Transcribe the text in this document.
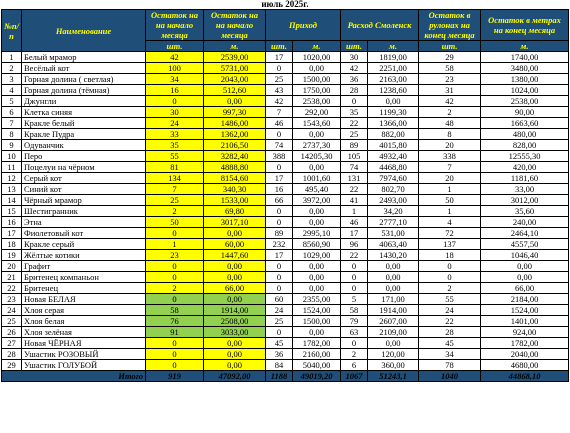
июль 2025г.
№п/п	Наименование	Остаток на на начало месяца	Остаток на на начало месяца	Приход		Расход Смоленск		Остаток в рулонах на конец месяца	Остаток в метрах на конец месяца
		шт.	м.	шт.	м.	шт.	м.	шт.	м.
1	Белый мрамор	42	2539,00	17	1020,00	30	1819,00	29	1740,00
2	Весёлый кот	100	5731,00	0	0,00	42	2251,00	58	3480,00
3	Горная долина ( светлая)	34	2043,00	25	1500,00	36	2163,00	23	1380,00
4	Горная долина (тёмная)	16	512,60	43	1750,00	28	1238,60	31	1024,00
5	Джунгли	0	0,00	42	2538,00	0	0,00	42	2538,00
6	Клетка синяя	30	997,30	7	292,00	35	1199,30	2	90,00
7	Кракле белый	24	1486,00	46	1543,60	22	1366,00	48	1663,60
8	Кракле Пудра	33	1362,00	0	0,00	25	882,00	8	480,00
9	Одуванчик	35	2106,50	74	2737,30	89	4015,80	20	828,00
10	Перо	55	3282,40	388	14205,30	105	4932,40	338	12555,30
11	Поцелуи на чёрном	81	4888,80	0	0,00	74	4468,80	7	420,00
12	Серый кот	134	8154,60	17	1001,60	131	7974,60	20	1181,60
13	Синий кот	7	340,30	16	495,40	22	802,70	1	33,00
14	Чёрный мрамор	25	1533,00	66	3972,00	41	2493,00	50	3012,00
15	Шестигранник	2	69,80	0	0,00	1	34,20	1	35,60
16	Этна	50	3017,10	0	0,00	46	2777,10	4	240,00
17	Фиолетовый кот	0	0,00	89	2995,10	17	531,00	72	2464,10
18	Кракле серый	1	60,00	232	8560,90	96	4063,40	137	4557,50
19	Жёлтые котики	23	1447,60	17	1029,00	22	1430,20	18	1046,40
20	Графит	0	0,00	0	0,00	0	0,00	0	0,00
21	Бритенец компаньон	0	0,00	0	0,00	0	0,00	0	0,00
22	Бритенец	2	66,00	0	0,00	0	0,00	2	66,00
23	Новая БЕЛАЯ	0	0,00	60	2355,00	5	171,00	55	2184,00
24	Хлоя серая	58	1914,00	24	1524,00	58	1914,00	24	1524,00
25	Хлоя белая	76	2508,00	25	1500,00	79	2607,00	22	1401,00
26	Хлоя зелёная	91	3033,00	0	0,00	63	2109,00	28	924,00
27	Новая ЧЁРНАЯ	0	0,00	45	1782,00	0	0,00	45	1782,00
28	Ушастик РОЗОВЫЙ	0	0,00	36	2160,00	2	120,00	34	2040,00
29	Ушастик ГОЛУБОЙ	0	0,00	84	5040,00	6	360,00	78	4680,00
Итого		919	47092,00	1188	49019,20	1067	51243,1	1040	44868,10
